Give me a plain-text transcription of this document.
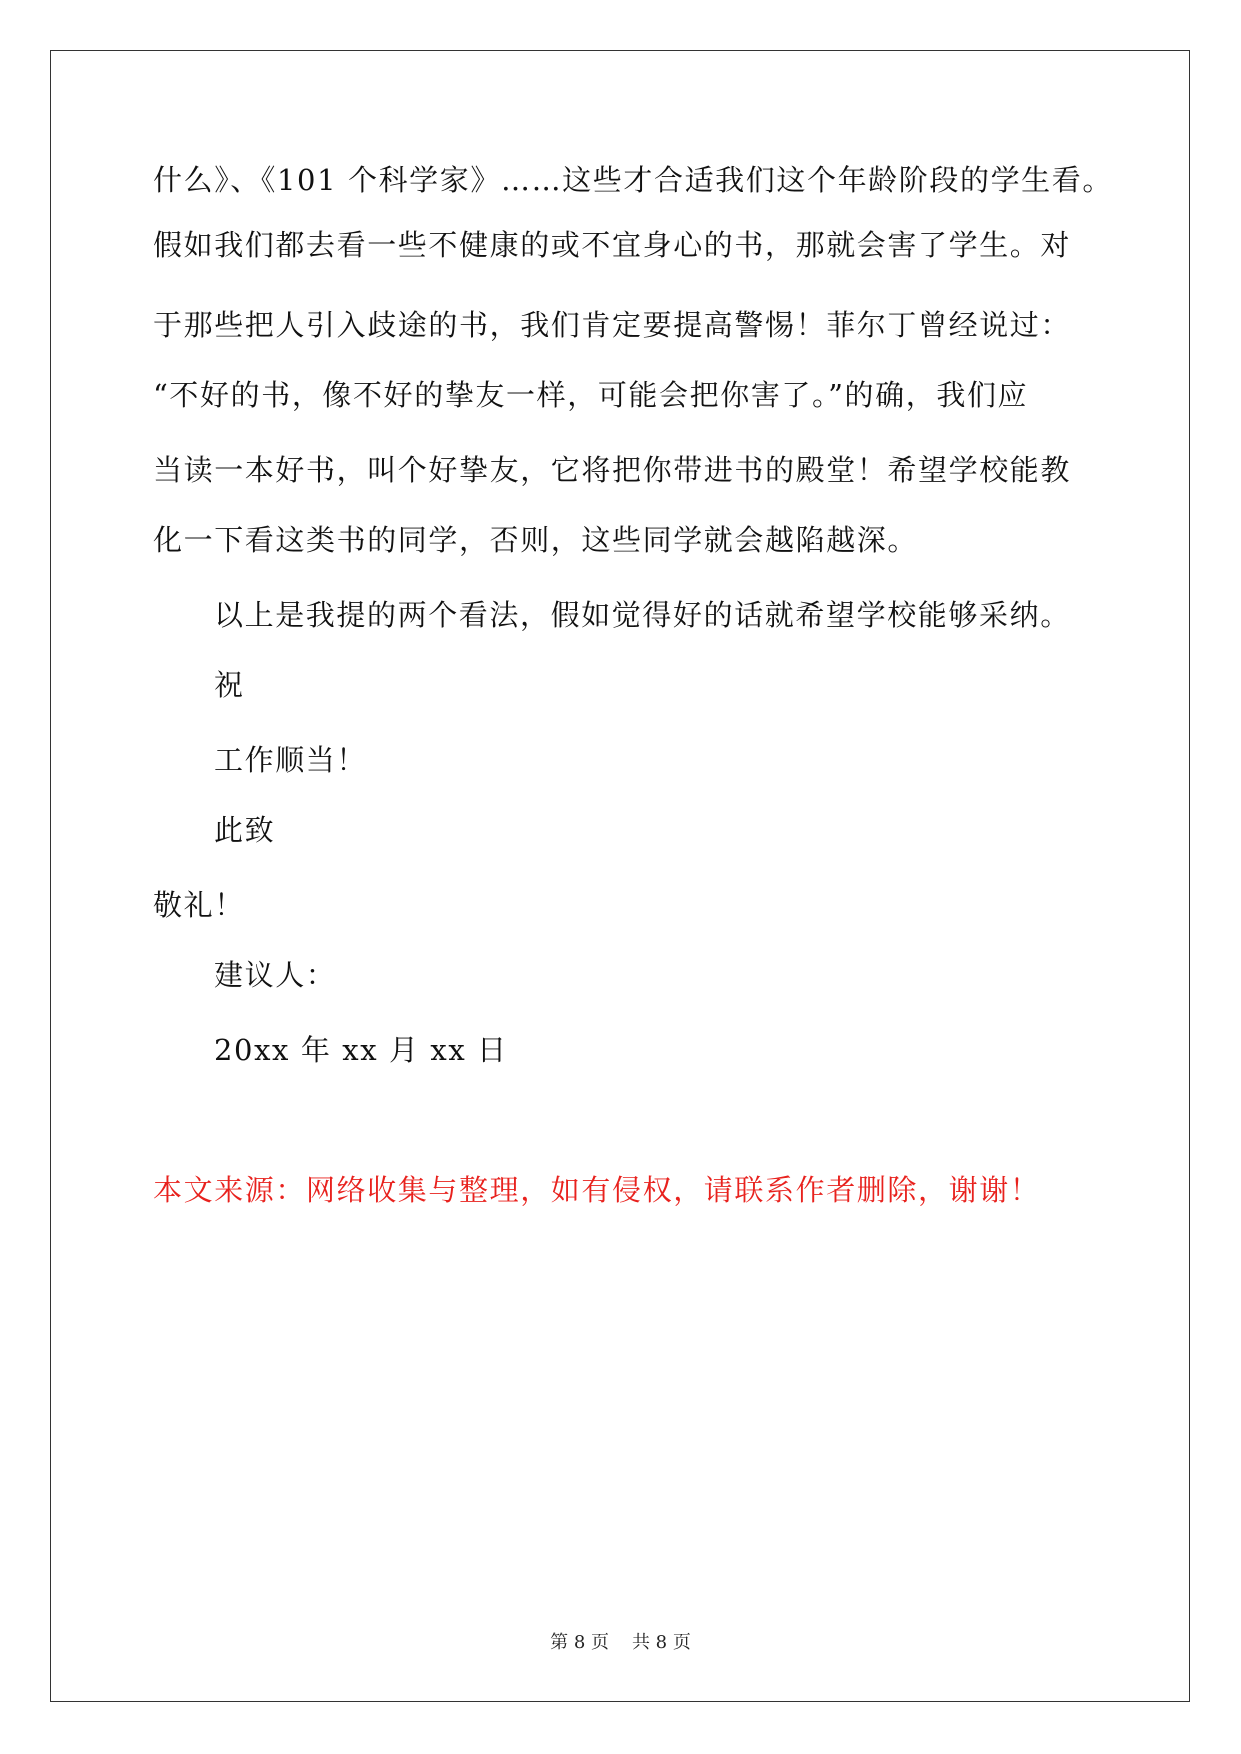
什么》、《101 个科学家》……这些才合适我们这个年龄阶段的学生看。
假如我们都去看一些不健康的或不宜身心的书，那就会害了学生。对
于那些把人引入歧途的书，我们肯定要提高警惕！菲尔丁曾经说过：
“不好的书，像不好的挚友一样，可能会把你害了。”的确，我们应
当读一本好书，叫个好挚友，它将把你带进书的殿堂！希望学校能教
化一下看这类书的同学，否则，这些同学就会越陷越深。
以上是我提的两个看法，假如觉得好的话就希望学校能够采纳。
祝
工作顺当！
此致
敬礼！
建议人：
20xx 年 xx 月 xx 日
本文来源：网络收集与整理，如有侵权，请联系作者删除，谢谢！
第 8 页    共 8 页
